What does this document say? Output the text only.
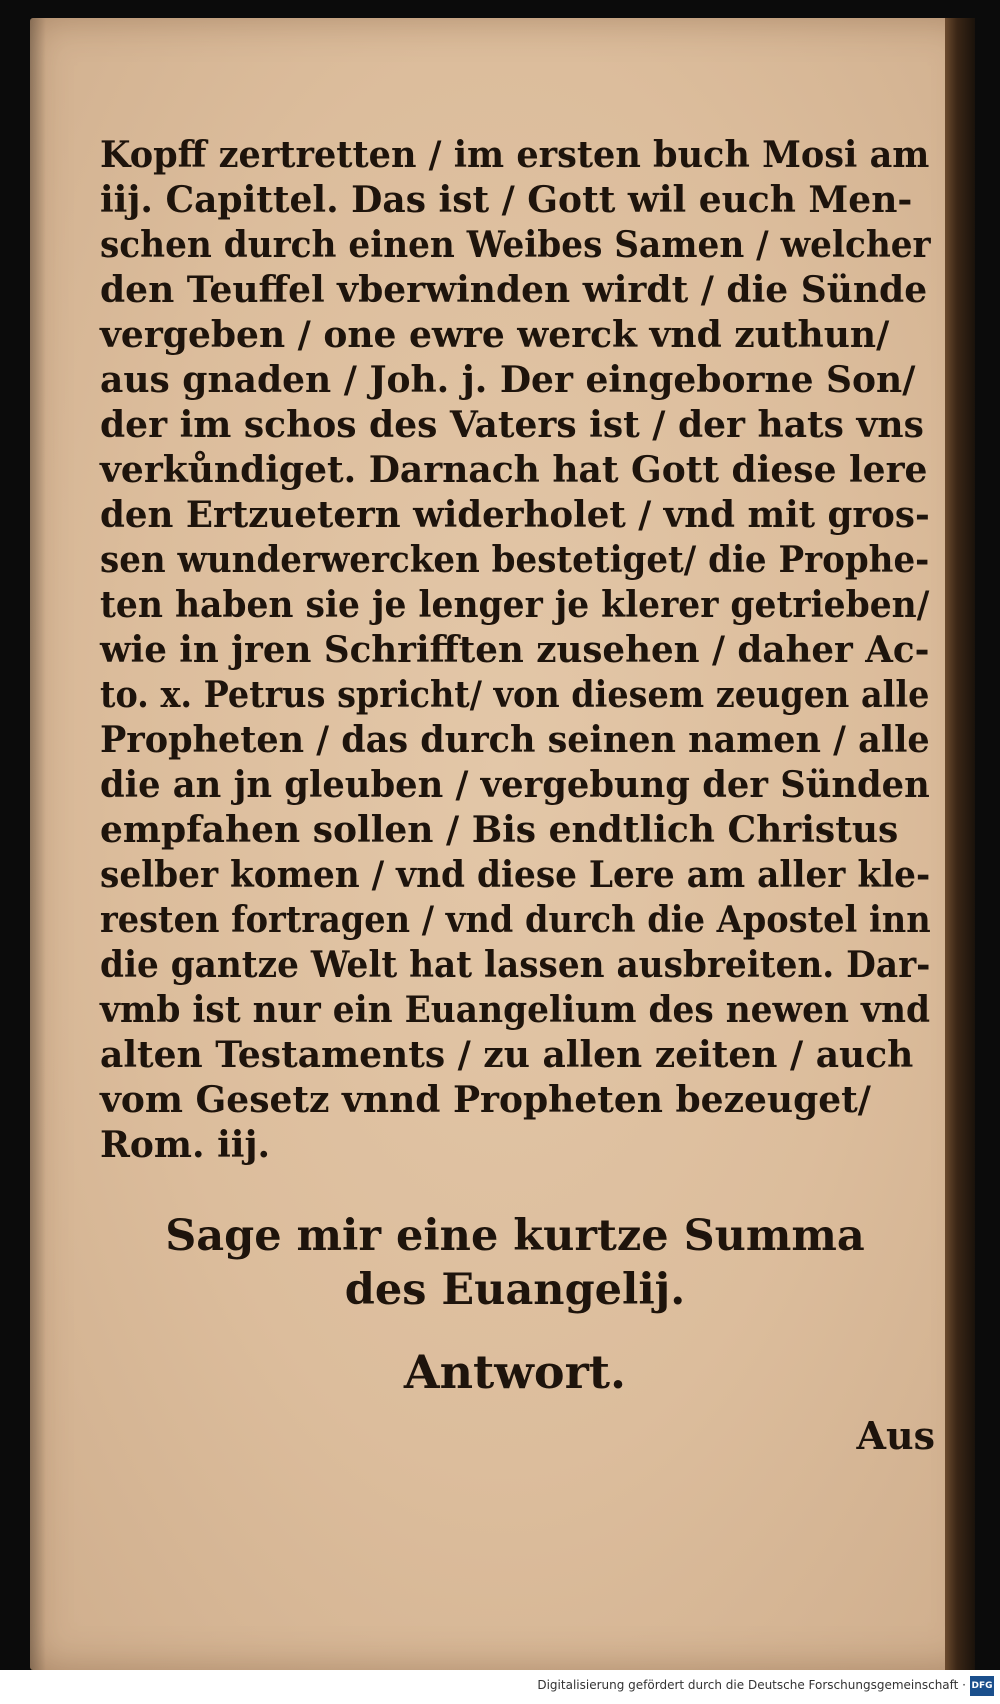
Kopff zertretten / im ersten buch Mosi am
iij. Capittel. Das ist / Gott wil euch Men-
schen durch einen Weibes Samen / welcher
den Teuffel vberwinden wirdt / die Sünde
vergeben / one ewre werck vnd zuthun/
aus gnaden / Joh. j. Der eingeborne Son/
der im schos des Vaters ist / der hats vns
verkůndiget. Darnach hat Gott diese lere
den Ertzuetern widerholet / vnd mit gros-
sen wunderwercken bestetiget/ die Prophe-
ten haben sie je lenger je klerer getrieben/
wie in jren Schrifften zusehen / daher Ac-
to. x. Petrus spricht/ von diesem zeugen alle
Propheten / das durch seinen namen / alle
die an jn gleuben / vergebung der Sünden
empfahen sollen / Bis endtlich Christus
selber komen / vnd diese Lere am aller kle-
resten fortragen / vnd durch die Apostel inn
die gantze Welt hat lassen ausbreiten. Dar-
vmb ist nur ein Euangelium des newen vnd
alten Testaments / zu allen zeiten / auch
vom Gesetz vnnd Propheten bezeuget/
Rom. iij.

Sage mir eine kurtze Summa

des Euangelij.

Antwort.

Aus

Digitalisierung gefördert durch die Deutsche Forschungsgemeinschaft · DFG
